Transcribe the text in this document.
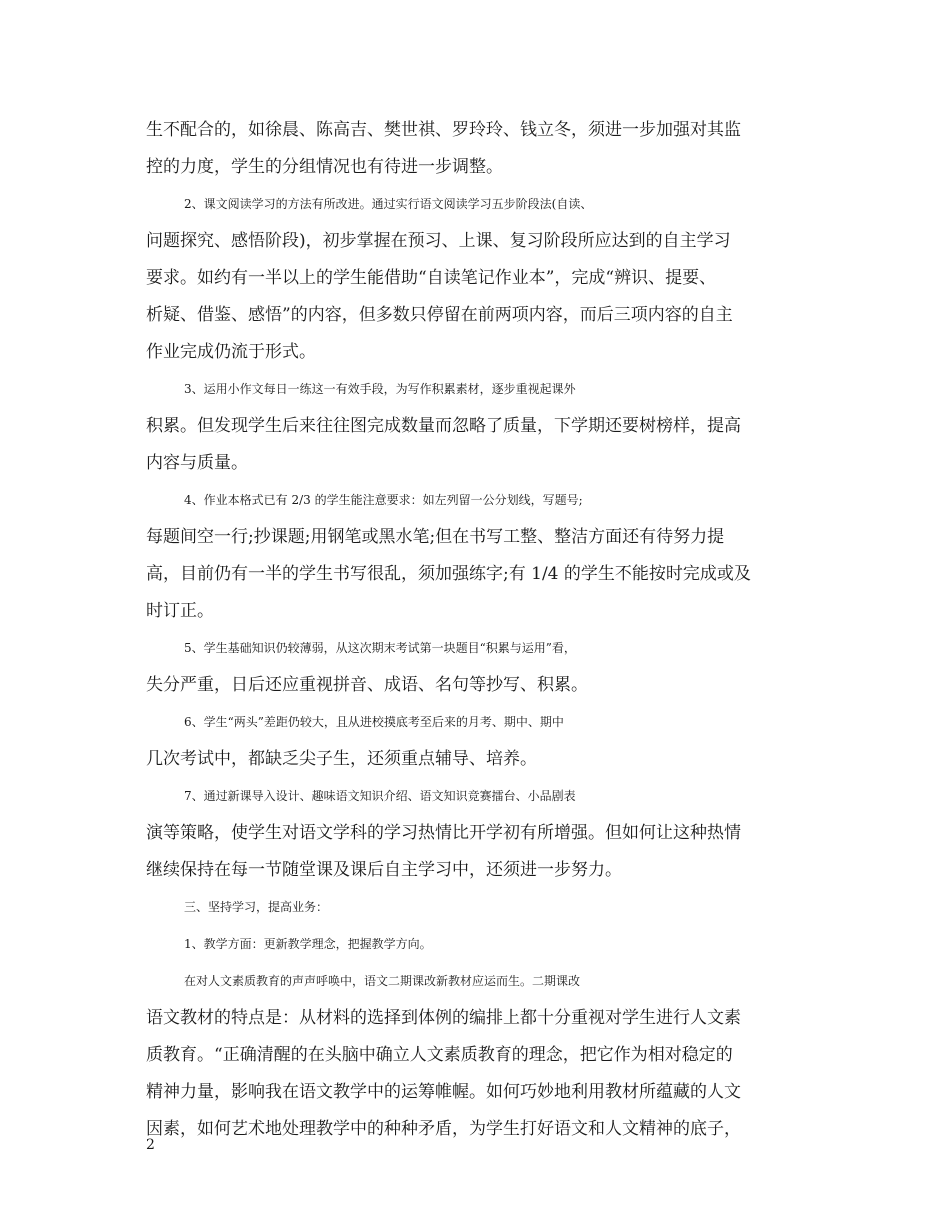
生不配合的，如徐晨、陈高吉、樊世祺、罗玲玲、钱立冬，须进一步加强对其监
控的力度，学生的分组情况也有待进一步调整。
2、课文阅读学习的方法有所改进。通过实行语文阅读学习五步阶段法(自读、
问题探究、感悟阶段)，初步掌握在预习、上课、复习阶段所应达到的自主学习
要求。如约有一半以上的学生能借助“自读笔记作业本”，完成“辨识、提要、
析疑、借鉴、感悟”的内容，但多数只停留在前两项内容，而后三项内容的自主
作业完成仍流于形式。
3、运用小作文每日一练这一有效手段，为写作积累素材，逐步重视起课外
积累。但发现学生后来往往图完成数量而忽略了质量，下学期还要树榜样，提高
内容与质量。
4、作业本格式已有 2/3 的学生能注意要求：如左列留一公分划线，写题号;
每题间空一行;抄课题;用钢笔或黑水笔;但在书写工整、整洁方面还有待努力提
高，目前仍有一半的学生书写很乱，须加强练字;有 1/4 的学生不能按时完成或及
时订正。
5、学生基础知识仍较薄弱，从这次期末考试第一块题目“积累与运用”看，
失分严重，日后还应重视拼音、成语、名句等抄写、积累。
6、学生“两头”差距仍较大，且从进校摸底考至后来的月考、期中、期中
几次考试中，都缺乏尖子生，还须重点辅导、培养。
7、通过新课导入设计、趣味语文知识介绍、语文知识竞赛擂台、小品剧表
演等策略，使学生对语文学科的学习热情比开学初有所增强。但如何让这种热情
继续保持在每一节随堂课及课后自主学习中，还须进一步努力。
三、坚持学习，提高业务：
1、教学方面：更新教学理念，把握教学方向。
在对人文素质教育的声声呼唤中，语文二期课改新教材应运而生。二期课改
语文教材的特点是：从材料的选择到体例的编排上都十分重视对学生进行人文素
质教育。“正确清醒的在头脑中确立人文素质教育的理念，把它作为相对稳定的
精神力量，影响我在语文教学中的运筹帷幄。如何巧妙地利用教材所蕴藏的人文
因素，如何艺术地处理教学中的种种矛盾，为学生打好语文和人文精神的底子，
2
